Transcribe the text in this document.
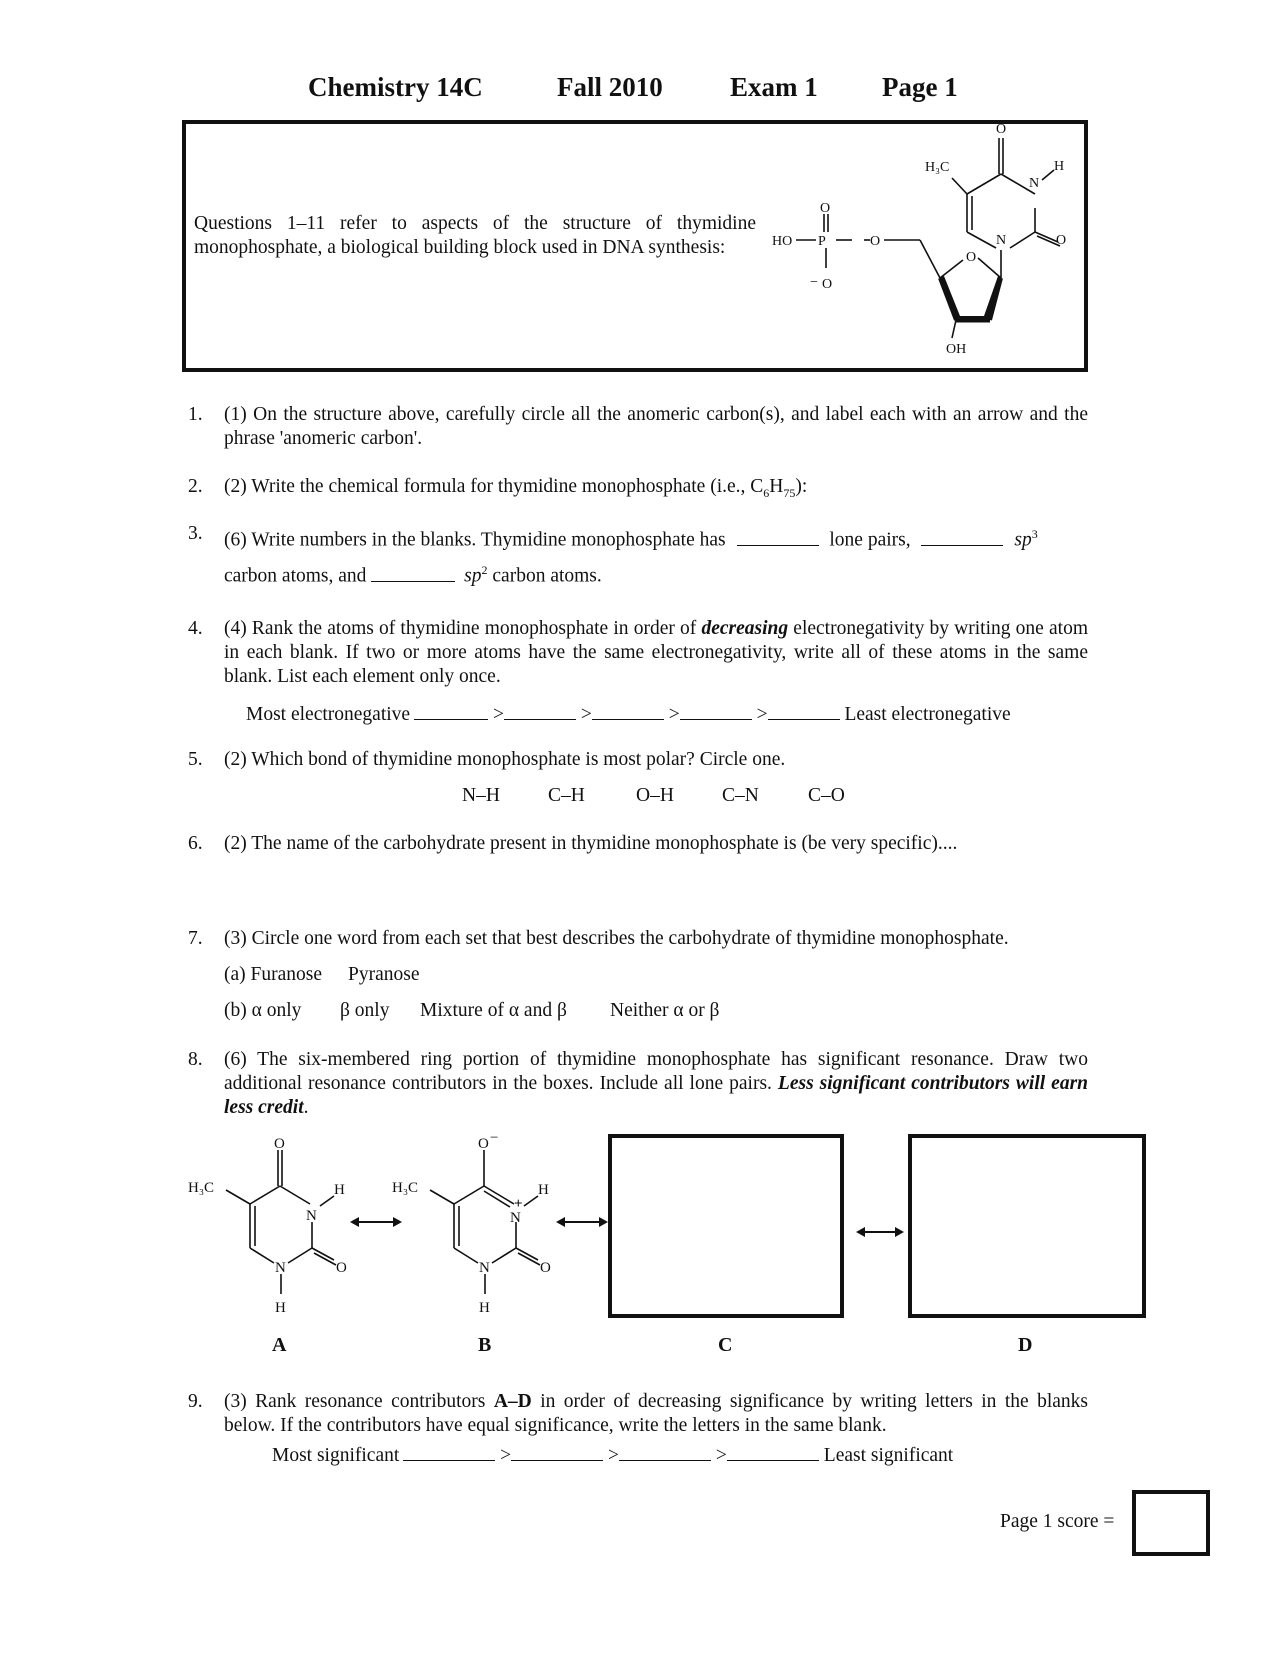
Chemistry 14C	Fall 2010 Exam 1 Page 1
Questions 1–11 refer to aspects of the structure of thymidine monophosphate, a biological building block used in DNA synthesis:
O
H₃C	H
N
N	O
O
OH
HO P	O
O
− O
1. (1) On the structure above, carefully circle all the anomeric carbon(s), and label each with an arrow and the phrase 'anomeric carbon'.
2. (2) Write the chemical formula for thymidine monophosphate (i.e., $C_6H_{75}$):
3. (6) Write numbers in the blanks. Thymidine monophosphate has	lone pairs,	$sp^3$
carbon atoms, and	$sp^2$ carbon atoms.
4. (4) Rank the atoms of thymidine monophosphate in order of decreasing electronegativity by writing one atom in each blank. If two or more atoms have the same electronegativity, write all of these atoms in the same blank. List each element only once.
Most electronegative	>	>	>	>	Least electronegative
5. (2) Which bond of thymidine monophosphate is most polar? Circle one.
N–H C–H	O–H C–N	C–O
6. (2) The name of the carbohydrate present in thymidine monophosphate is (be very specific)....
7. (3) Circle one word from each set that best describes the carbohydrate of thymidine monophosphate.
(a) Furanose Pyranose
(b) α only β only Mixture of α and β Neither α or β
8. (6) The six-membered ring portion of thymidine monophosphate has significant resonance. Draw two additional resonance contributors in the boxes. Include all lone pairs. Less significant contributors will earn less credit.
O
H₃C
N
H
N
H
O
O −
H₃C
+
N
H
N
H
O
A	B	C	D
9. (3) Rank resonance contributors A–D in order of decreasing significance by writing letters in the blanks below. If the contributors have equal significance, write the letters in the same blank.
Most significant	>	>	>	Least significant
Page 1 score =
